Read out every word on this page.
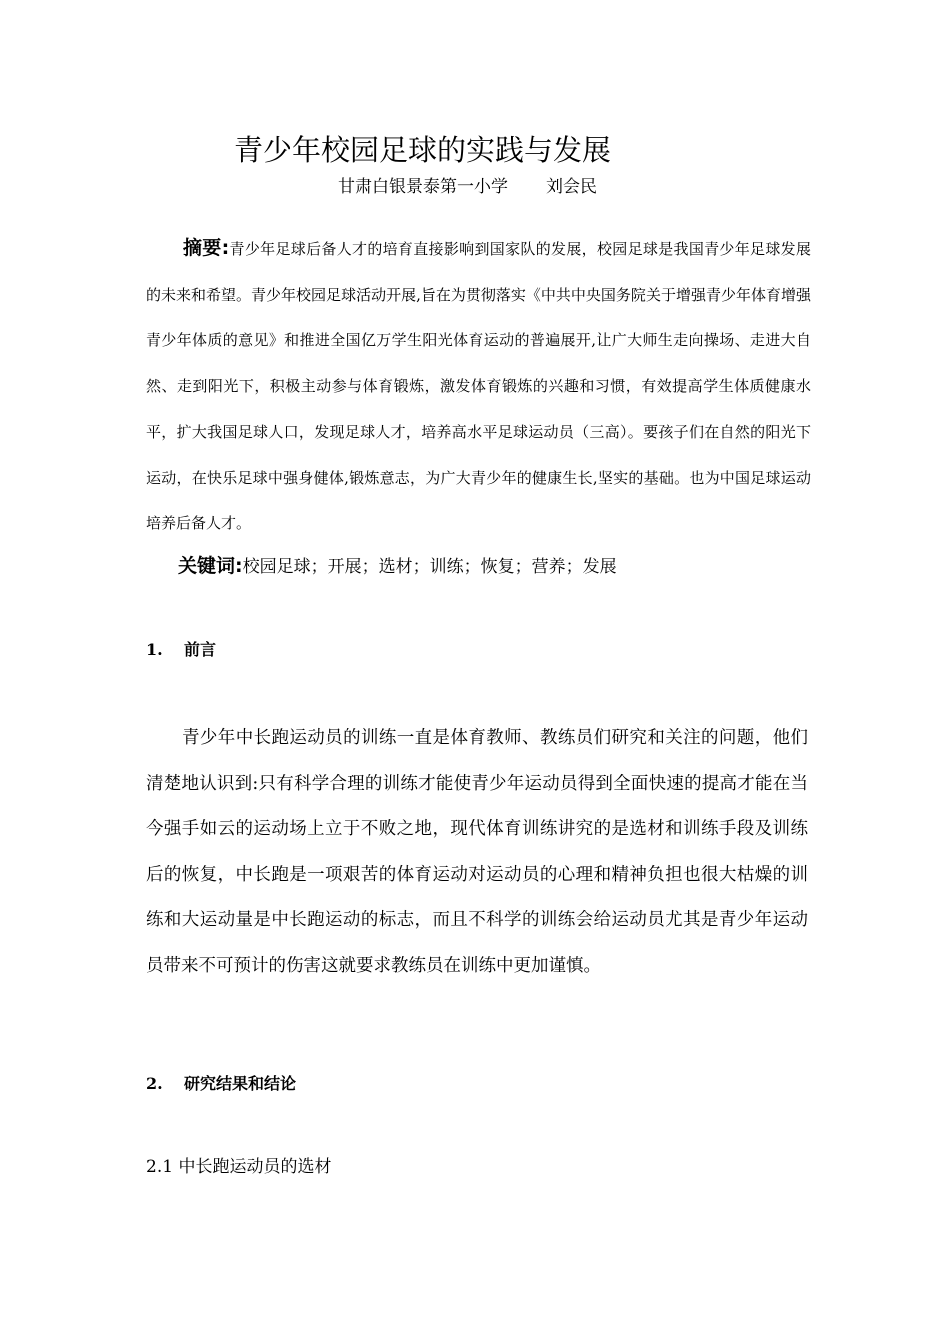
青少年校园足球的实践与发展
甘肃白银景泰第一小学 刘会民
摘要:青少年足球后备人才的培育直接影响到国家队的发展，校园足球是我国青少年足球发展的未来和希望。青少年校园足球活动开展,旨在为贯彻落实《中共中央国务院关于增强青少年体育增强青少年体质的意见》和推进全国亿万学生阳光体育运动的普遍展开,让广大师生走向操场、走进大自然、走到阳光下，积极主动参与体育锻炼，激发体育锻炼的兴趣和习惯，有效提高学生体质健康水平，扩大我国足球人口，发现足球人才，培养高水平足球运动员（三高）。要孩子们在自然的阳光下运动，在快乐足球中强身健体,锻炼意志，为广大青少年的健康生长,坚实的基础。也为中国足球运动培养后备人才。
关键词:校园足球；开展；选材；训练；恢复；营养；发展
1. 前言
青少年中长跑运动员的训练一直是体育教师、教练员们研究和关注的问题，他们清楚地认识到:只有科学合理的训练才能使青少年运动员得到全面快速的提高才能在当今强手如云的运动场上立于不败之地，现代体育训练讲究的是选材和训练手段及训练后的恢复，中长跑是一项艰苦的体育运动对运动员的心理和精神负担也很大枯燥的训练和大运动量是中长跑运动的标志，而且不科学的训练会给运动员尤其是青少年运动员带来不可预计的伤害这就要求教练员在训练中更加谨慎。
2. 研究结果和结论
2.1 中长跑运动员的选材
